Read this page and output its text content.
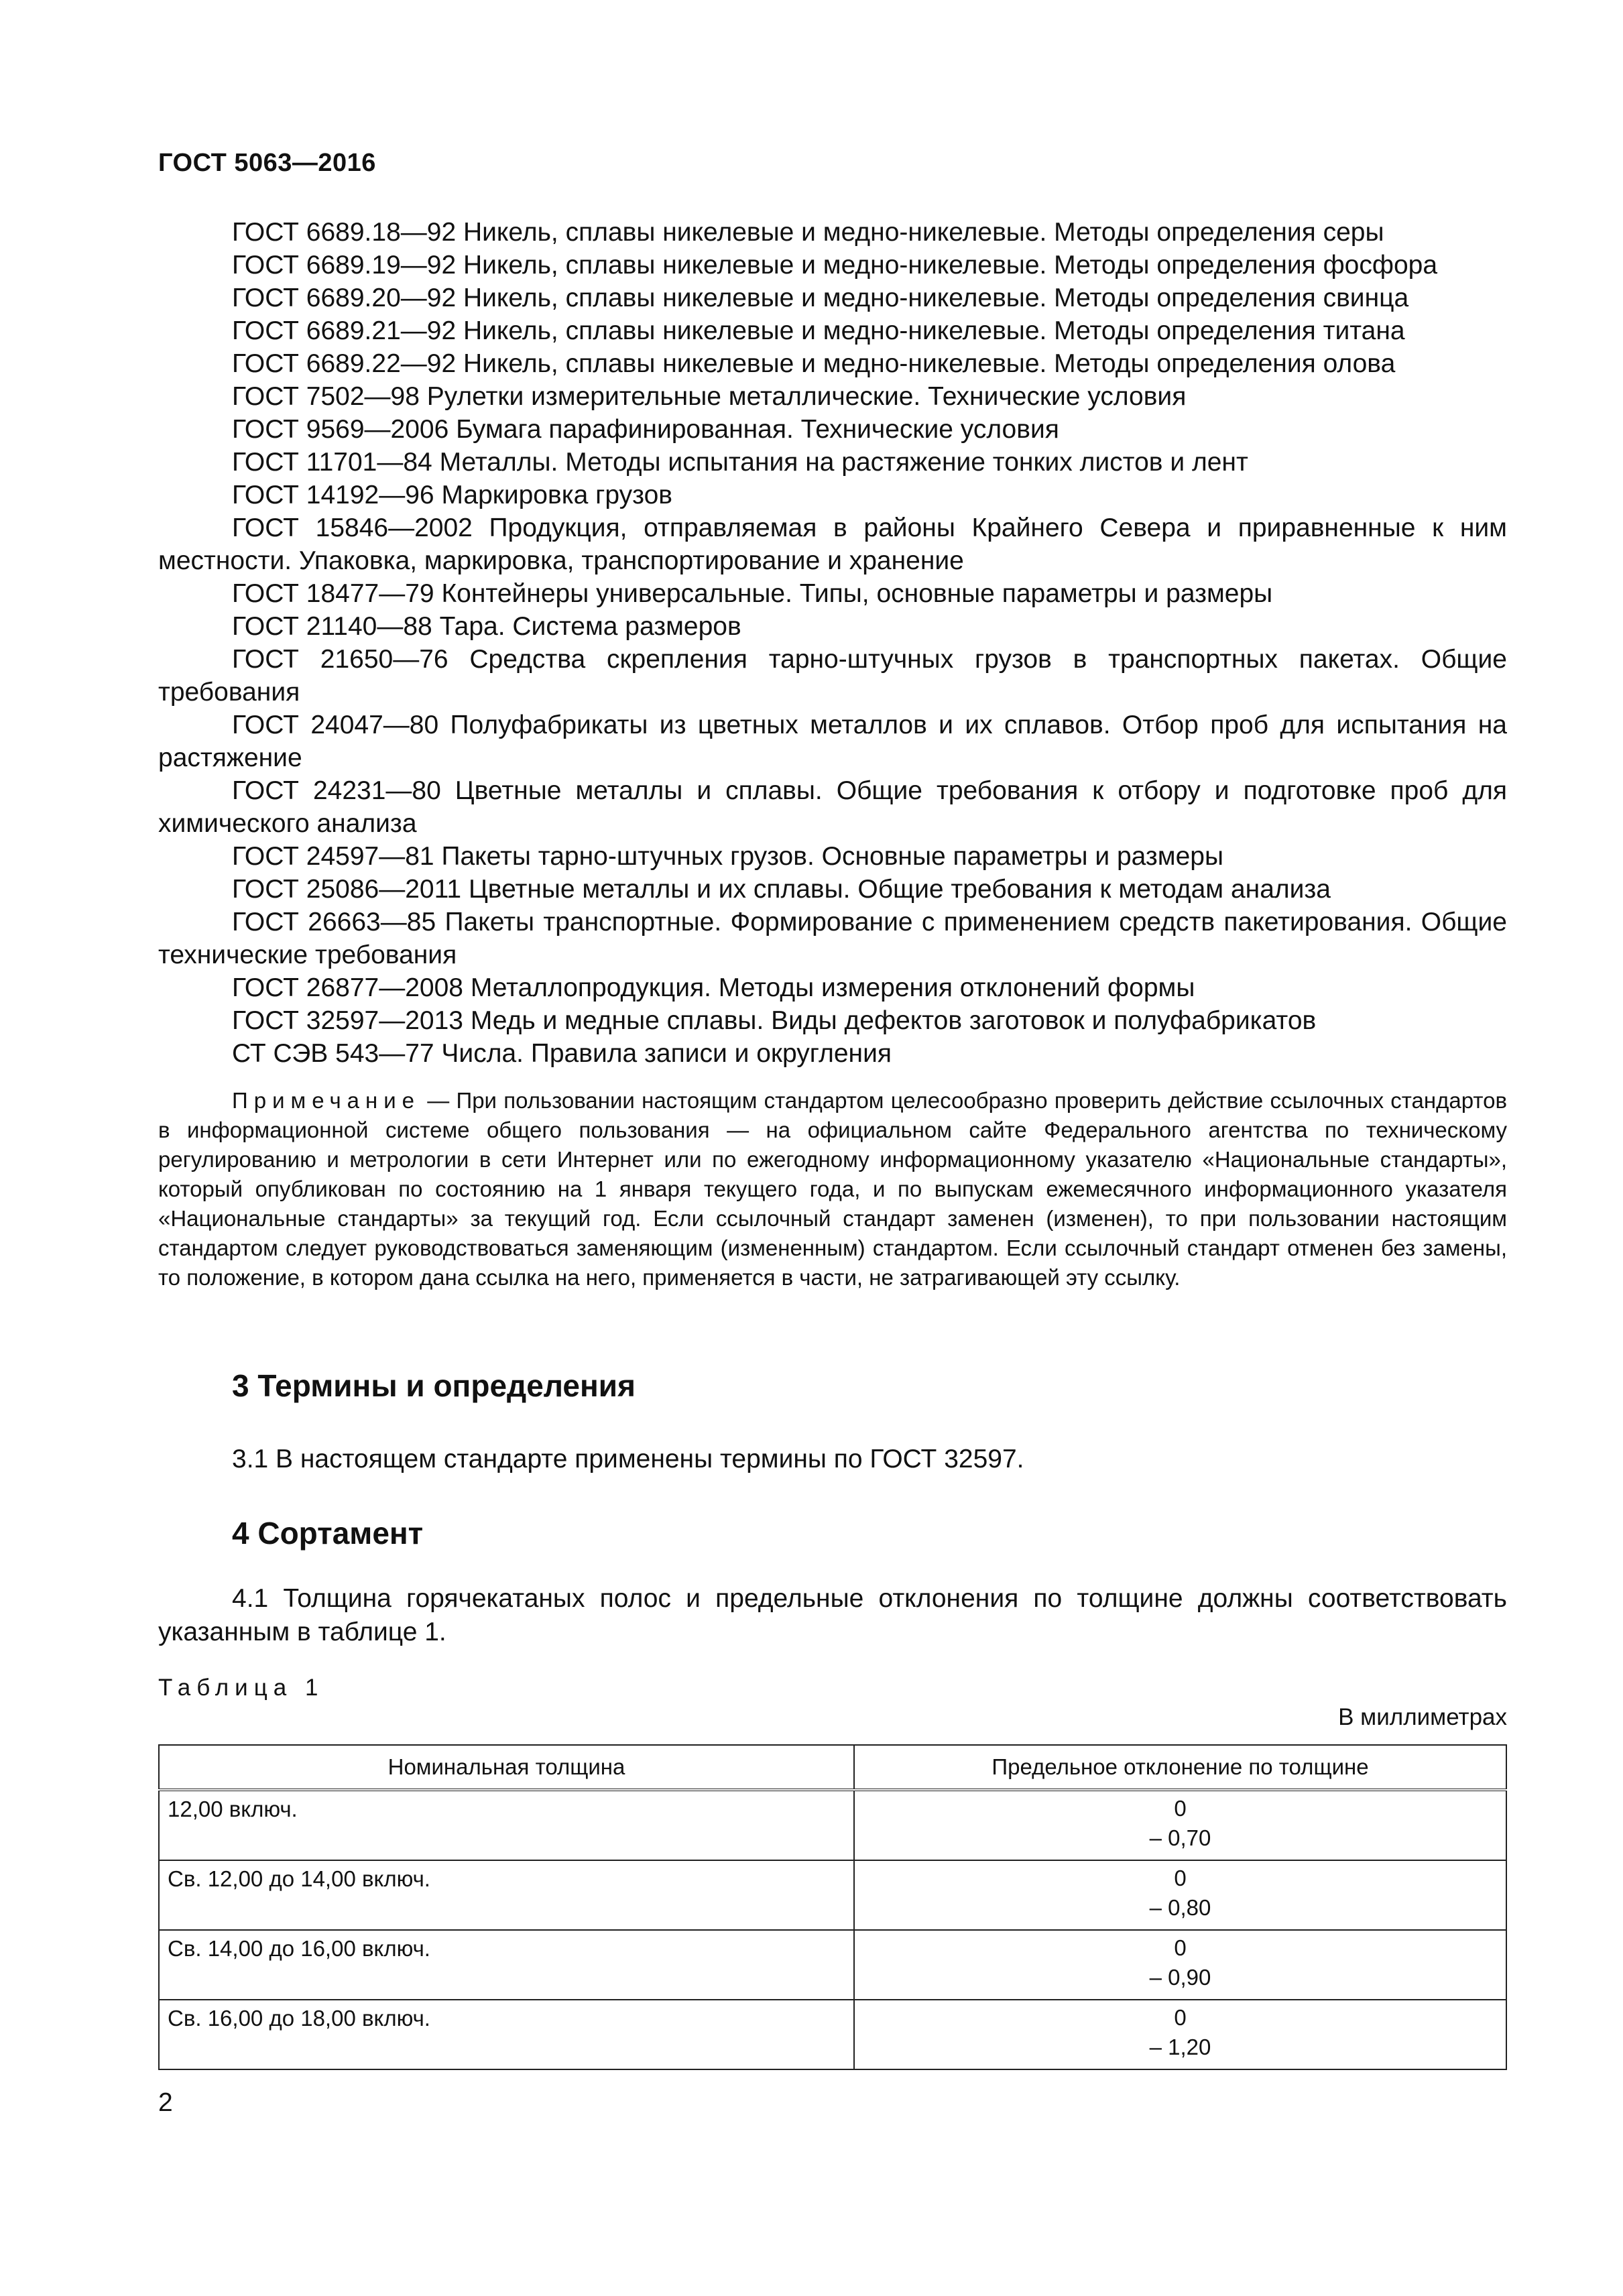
ГОСТ 5063—2016

ГОСТ 6689.18—92 Никель, сплавы никелевые и медно-никелевые. Методы определения серы

ГОСТ 6689.19—92 Никель, сплавы никелевые и медно-никелевые. Методы определения фосфора

ГОСТ 6689.20—92 Никель, сплавы никелевые и медно-никелевые. Методы определения свинца

ГОСТ 6689.21—92 Никель, сплавы никелевые и медно-никелевые. Методы определения титана

ГОСТ 6689.22—92 Никель, сплавы никелевые и медно-никелевые. Методы определения олова

ГОСТ 7502—98 Рулетки измерительные металлические. Технические условия

ГОСТ 9569—2006 Бумага парафинированная. Технические условия

ГОСТ 11701—84 Металлы. Методы испытания на растяжение тонких листов и лент

ГОСТ 14192—96 Маркировка грузов

ГОСТ 15846—2002 Продукция, отправляемая в районы Крайнего Севера и приравненные к ним местности. Упаковка, маркировка, транспортирование и хранение

ГОСТ 18477—79 Контейнеры универсальные. Типы, основные параметры и размеры

ГОСТ 21140—88 Тара. Система размеров

ГОСТ 21650—76 Средства скрепления тарно-штучных грузов в транспортных пакетах. Общие требования

ГОСТ 24047—80 Полуфабрикаты из цветных металлов и их сплавов. Отбор проб для испытания на растяжение

ГОСТ 24231—80 Цветные металлы и сплавы. Общие требования к отбору и подготовке проб для химического анализа

ГОСТ 24597—81 Пакеты тарно-штучных грузов. Основные параметры и размеры

ГОСТ 25086—2011 Цветные металлы и их сплавы. Общие требования к методам анализа

ГОСТ 26663—85 Пакеты транспортные. Формирование с применением средств пакетирования. Общие технические требования

ГОСТ 26877—2008 Металлопродукция. Методы измерения отклонений формы

ГОСТ 32597—2013 Медь и медные сплавы. Виды дефектов заготовок и полуфабрикатов

СТ СЭВ 543—77 Числа. Правила записи и округления

Примечание — При пользовании настоящим стандартом целесообразно проверить действие ссылочных стандартов в информационной системе общего пользования — на официальном сайте Федерального агентства по техническому регулированию и метрологии в сети Интернет или по ежегодному информационному указателю «Национальные стандарты», который опубликован по состоянию на 1 января текущего года, и по выпускам ежемесячного информационного указателя «Национальные стандарты» за текущий год. Если ссылочный стандарт заменен (изменен), то при пользовании настоящим стандартом следует руководствоваться заменяющим (измененным) стандартом. Если ссылочный стандарт отменен без замены, то положение, в котором дана ссылка на него, применяется в части, не затрагивающей эту ссылку.

3 Термины и определения

3.1 В настоящем стандарте применены термины по ГОСТ 32597.

4 Сортамент

4.1 Толщина горячекатаных полос и предельные отклонения по толщине должны соответствовать указанным в таблице 1.

Таблица 1
В миллиметрах
Номинальная толщина	Предельное отклонение по толщине
12,00 включ.	0
– 0,70

Св. 12,00 до 14,00 включ.	0
– 0,80

Св. 14,00 до 16,00 включ.	0
– 0,90

Св. 16,00 до 18,00 включ.	0
– 1,20
2
